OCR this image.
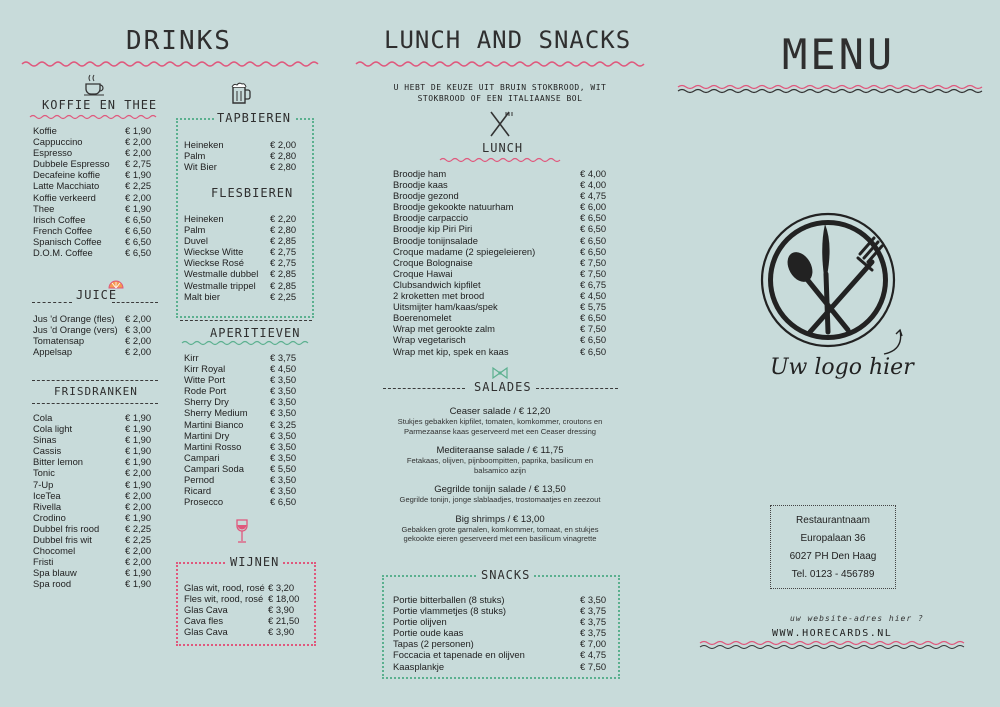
DRINKS
KOFFIE EN THEE
Koffie	€ 1,90
Cappuccino	€ 2,00
Espresso	€ 2,00
Dubbele Espresso	€ 2,75
Decafeine koffie	€ 1,90
Latte Macchiato	€ 2,25
Koffie verkeerd	€ 2,00
Thee	€ 1,90
Irisch Coffee	€ 6,50
French Coffee	€ 6,50
Spanisch Coffee	€ 6,50
D.O.M. Coffee	€ 6,50
JUICE
Jus 'd Orange (fles)	€ 2,00
Jus 'd Orange (vers) € 3,00
Tomatensap	€ 2,00
Appelsap	€ 2,00
FRISDRANKEN
Cola	€ 1,90
Cola light	€ 1,90
Sinas	€ 1,90
Cassis	€ 1,90
Bitter lemon	€ 1,90
Tonic	€ 2,00
7-Up	€ 1,90
IceTea	€ 2,00
Rivella	€ 2,00
Crodino	€ 1,90
Dubbel fris rood	€ 2,25
Dubbel fris wit	€ 2,25
Chocomel	€ 2,00
Fristi	€ 2,00
Spa blauw	€ 1,90
Spa rood	€ 1,90
TAPBIEREN
Heineken	€ 2,00
Palm	€ 2,80
Wit Bier	€ 2,80
FLESBIEREN
Heineken	€ 2,20
Palm	€ 2,80
Duvel	€ 2,85
Wieckse Witte	€ 2,75
Wieckse Rosé	€ 2,75
Westmalle dubbel	€ 2,85
Westmalle trippel	€ 2,85
Malt bier	€ 2,25
APERITIEVEN
Kirr	€ 3,75
Kirr Royal	€ 4,50
Witte Port	€ 3,50
Rode Port	€ 3,50
Sherry Dry	€ 3,50
Sherry Medium	€ 3,50
Martini Bianco	€ 3,25
Martini Dry	€ 3,50
Martini Rosso	€ 3,50
Campari	€ 3,50
Campari Soda	€ 5,50
Pernod	€ 3,50
Ricard	€ 3,50
Prosecco	€ 6,50
WIJNEN
Glas wit, rood, rosé € 3,20
Fles wit, rood, rosé € 18,00
Glas Cava	€ 3,90
Cava fles	€ 21,50
Glas Cava	€ 3,90
LUNCH AND SNACKS
U HEBT DE KEUZE UIT BRUIN STOKBROOD, WIT STOKBROOD OF EEN ITALIAANSE BOL
LUNCH
Broodje ham	€ 4,00
Broodje kaas	€ 4,00
Broodje gezond	€ 4,75
Broodje gekookte natuurham	€ 6,00
Broodje carpaccio	€ 6,50
Broodje kip Piri Piri	€ 6,50
Broodje tonijnsalade	€ 6,50
Croque madame (2 spiegeleieren)	€ 6,50
Croque Bolognaise	€ 7,50
Croque Hawai	€ 7,50
Clubsandwich kipfilet	€ 6,75
2 kroketten met brood	€ 4,50
Uitsmijter ham/kaas/spek	€ 5,75
Boerenomelet	€ 6,50
Wrap met gerookte zalm	€ 7,50
Wrap vegetarisch	€ 6,50
Wrap met kip, spek en kaas	€ 6,50
SALADES
Ceaser salade / € 12,20
Stukjes gebakken kipfilet, tomaten, komkommer, croutons en Parmezaanse kaas geserveerd met een Ceaser dressing
Mediteraanse salade / € 11,75
Fetakaas, olijven, pijnboompitten, paprika, basilicum en balsamico azijn
Gegrilde tonijn salade / € 13,50
Gegrilde tonijn, jonge slablaadjes, trostomaatjes en zeezout
Big shrimps / € 13,00
Gebakken grote garnalen, komkommer, tomaat, en stukjes gekookte eieren geserveerd met een basilicum vinagrette
SNACKS
Portie bitterballen (8 stuks)	€ 3,50
Portie vlammetjes (8 stuks)	€ 3,75
Portie olijven	€ 3,75
Portie oude kaas	€ 3,75
Tapas (2 personen)	€ 7,00
Foccacia et tapenade en olijven	€ 4,75
Kaasplankje	€ 7,50
MENU
Uw logo hier
Restaurantnaam
Europalaan 36
6027 PH Den Haag
Tel. 0123 - 456789
uw website-adres hier ?
WWW.HORECARDS.NL
